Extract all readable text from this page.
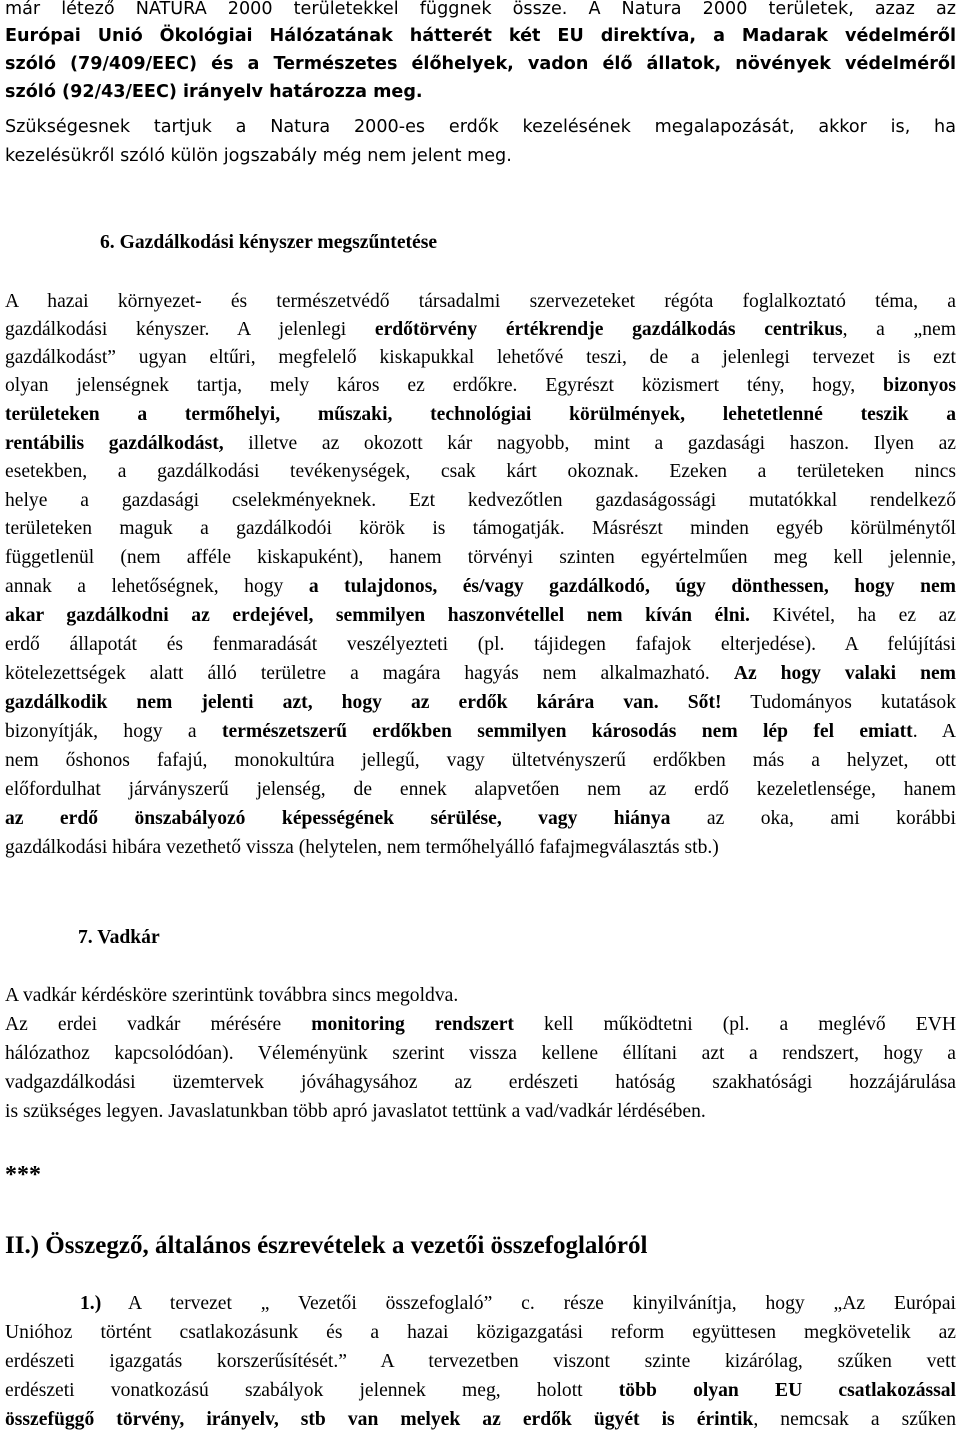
már létező NATURA 2000 területekkel függnek össze. A Natura 2000 területek, azaz az
Európai Unió Ökológiai Hálózatának hátterét két EU direktíva, a Madarak védelméről
szóló (79/409/EEC) és a Természetes élőhelyek, vadon élő állatok, növények védelméről
szóló (92/43/EEC) irányelv határozza meg.
Szükségesnek tartjuk a Natura 2000-es erdők kezelésének megalapozását, akkor is, ha
kezelésükről szóló külön jogszabály még nem jelent meg.
6. Gazdálkodási kényszer megszűntetése
A hazai környezet- és természetvédő társadalmi szervezeteket régóta foglalkoztató téma, a
gazdálkodási kényszer. A jelenlegi erdőtörvény értékrendje gazdálkodás centrikus, a „nem
gazdálkodást” ugyan eltűri, megfelelő kiskapukkal lehetővé teszi, de a jelenlegi tervezet is ezt
olyan jelenségnek tartja, mely káros ez erdőkre. Egyrészt közismert tény, hogy, bizonyos
területeken a termőhelyi, műszaki, technológiai körülmények, lehetetlenné teszik a
rentábilis gazdálkodást, illetve az okozott kár nagyobb, mint a gazdasági haszon. Ilyen az
esetekben, a gazdálkodási tevékenységek, csak kárt okoznak. Ezeken a területeken nincs
helye a gazdasági cselekményeknek. Ezt kedvezőtlen gazdaságossági mutatókkal rendelkező
területeken maguk a gazdálkodói körök is támogatják. Másrészt minden egyéb körülménytől
függetlenül (nem afféle kiskapuként), hanem törvényi szinten egyértelműen meg kell jelennie,
annak a lehetőségnek, hogy a tulajdonos, és/vagy gazdálkodó, úgy dönthessen, hogy nem
akar gazdálkodni az erdejével, semmilyen haszonvétellel nem kíván élni. Kivétel, ha ez az
erdő állapotát és fenmaradását veszélyezteti (pl. tájidegen fafajok elterjedése). A felújítási
kötelezettségek alatt álló területre a magára hagyás nem alkalmazható. Az hogy valaki nem
gazdálkodik nem jelenti azt, hogy az erdők kárára van. Sőt! Tudományos kutatások
bizonyítják, hogy a természetszerű erdőkben semmilyen károsodás nem lép fel emiatt. A
nem őshonos fafajú, monokultúra jellegű, vagy ültetvényszerű erdőkben más a helyzet, ott
előfordulhat járványszerű jelenség, de ennek alapvetően nem az erdő kezeletlensége, hanem
az erdő önszabályozó képességének sérülése, vagy hiánya az oka, ami korábbi
gazdálkodási hibára vezethető vissza (helytelen, nem termőhelyálló fafajmegválasztás stb.)
7. Vadkár
A vadkár kérdésköre szerintünk továbbra sincs megoldva.
Az erdei vadkár mérésére monitoring rendszert kell működtetni (pl. a meglévő EVH
hálózathoz kapcsolódóan). Véleményünk szerint vissza kellene éllítani azt a rendszert, hogy a
vadgazdálkodási üzemtervek jóváhagysához az erdészeti hatóság szakhatósági hozzájárulása
is szükséges legyen. Javaslatunkban több apró javaslatot tettünk a vad/vadkár lérdésében.
***
II.) Összegző, általános észrevételek a vezetői összefoglalóról
1.) A tervezet „ Vezetői összefoglaló” c. része kinyilvánítja, hogy „Az Európai
Unióhoz történt csatlakozásunk és a hazai közigazgatási reform együttesen megkövetelik az
erdészeti igazgatás korszerűsítését.” A tervezetben viszont szinte kizárólag, szűken vett
erdészeti vonatkozású szabályok jelennek meg, holott több olyan EU csatlakozással
összefüggő törvény, irányelv, stb van melyek az erdők ügyét is érintik, nemcsak a szűken
